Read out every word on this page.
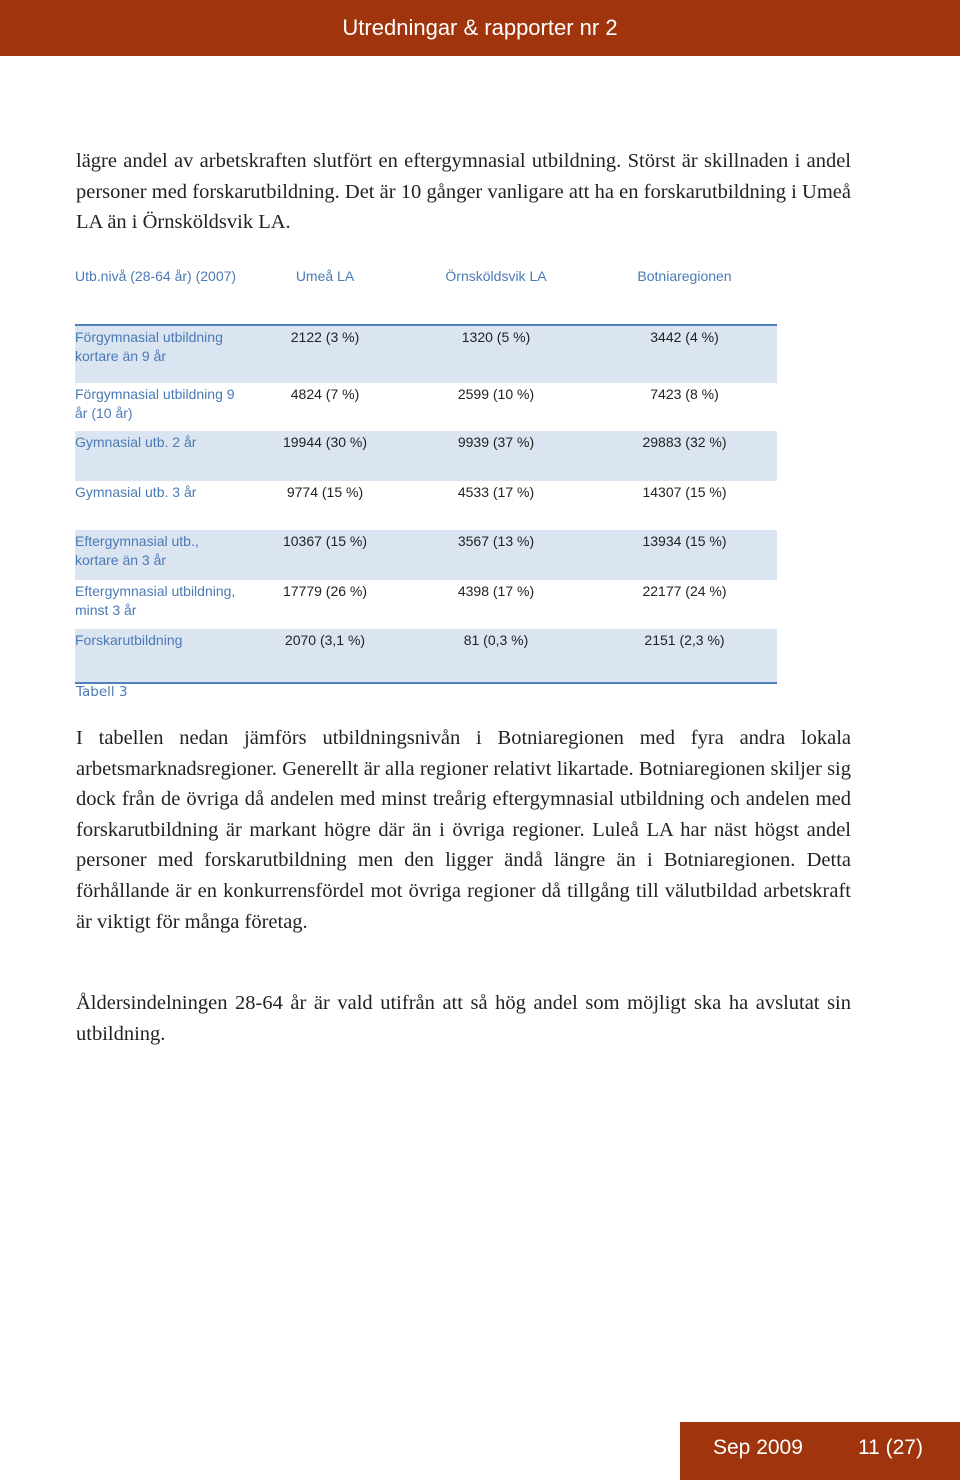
Utredningar & rapporter nr 2

lägre andel av arbetskraften slutfört en eftergymnasial utbildning. Störst är skillnaden i andel personer med forskarutbildning. Det är 10 gånger vanligare att ha en forskarutbildning i Umeå LA än i Örnsköldsvik LA.

Utb.nivå (28-64 år) (2007)	Umeå LA	Örnsköldsvik LA	Botniaregionen

Förgymnasial utbildning kortare än 9 år	2122 (3 %)	1320 (5 %)	3442 (4 %)

Förgymnasial utbildning 9 år (10 år)	4824 (7 %)	2599 (10 %)	7423 (8 %)

Gymnasial utb. 2 år	19944 (30 %)	9939 (37 %)	29883 (32 %)

Gymnasial utb. 3 år	9774 (15 %)	4533 (17 %)	14307 (15 %)

Eftergymnasial utb., kortare än 3 år	10367 (15 %)	3567 (13 %)	13934 (15 %)

Eftergymnasial utbildning, minst 3 år	17779 (26 %)	4398 (17 %)	22177 (24 %)

Forskarutbildning	2070 (3,1 %)	81 (0,3 %)	2151 (2,3 %)
Tabell 3

I tabellen nedan jämförs utbildningsnivån i Botniaregionen med fyra andra lokala arbetsmarknadsregioner. Generellt är alla regioner relativt likartade. Botniaregionen skiljer sig dock från de övriga då andelen med minst treårig eftergymnasial utbildning och andelen med forskarutbildning är markant högre där än i övriga regioner. Luleå LA har näst högst andel personer med forskarutbildning men den ligger ändå längre än i Botniaregionen. Detta förhållande är en konkurrensfördel mot övriga regioner då tillgång till välutbildad arbetskraft är viktigt för många företag.

Åldersindelningen 28-64 år är vald utifrån att så hög andel som möjligt ska ha avslutat sin utbildning.

Sep 2009	11 (27)
